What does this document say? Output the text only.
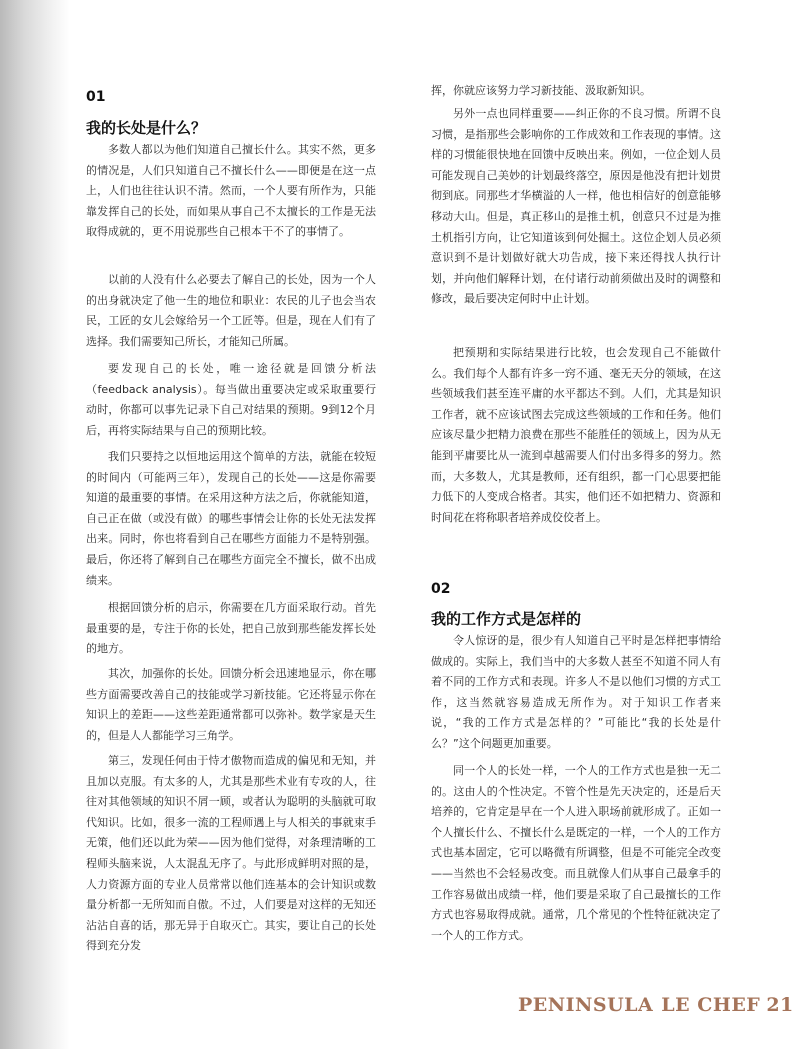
01
我的长处是什么？

多数人都以为他们知道自己擅长什么。其实不然，更多的情况是，人们只知道自己不擅长什么——即便是在这一点上，人们也往往认识不清。然而，一个人要有所作为，只能靠发挥自己的长处，而如果从事自己不太擅长的工作是无法取得成就的，更不用说那些自己根本干不了的事情了。

以前的人没有什么必要去了解自己的长处，因为一个人的出身就决定了他一生的地位和职业：农民的儿子也会当农民，工匠的女儿会嫁给另一个工匠等。但是，现在人们有了选择。我们需要知己所长，才能知己所属。

要发现自己的长处，唯一途径就是回馈分析法（feedback analysis）。每当做出重要决定或采取重要行动时，你都可以事先记录下自己对结果的预期。9到12个月后，再将实际结果与自己的预期比较。

我们只要持之以恒地运用这个简单的方法，就能在较短的时间内（可能两三年），发现自己的长处——这是你需要知道的最重要的事情。在采用这种方法之后，你就能知道，自己正在做（或没有做）的哪些事情会让你的长处无法发挥出来。同时，你也将看到自己在哪些方面能力不是特别强。最后，你还将了解到自己在哪些方面完全不擅长，做不出成绩来。

根据回馈分析的启示，你需要在几方面采取行动。首先最重要的是，专注于你的长处，把自己放到那些能发挥长处的地方。

其次，加强你的长处。回馈分析会迅速地显示，你在哪些方面需要改善自己的技能或学习新技能。它还将显示你在知识上的差距——这些差距通常都可以弥补。数学家是天生的，但是人人都能学习三角学。

第三，发现任何由于恃才傲物而造成的偏见和无知，并且加以克服。有太多的人，尤其是那些术业有专攻的人，往往对其他领域的知识不屑一顾，或者认为聪明的头脑就可取代知识。比如，很多一流的工程师遇上与人相关的事就束手无策，他们还以此为荣——因为他们觉得，对条理清晰的工程师头脑来说，人太混乱无序了。与此形成鲜明对照的是，人力资源方面的专业人员常常以他们连基本的会计知识或数量分析都一无所知而自傲。不过，人们要是对这样的无知还沾沾自喜的话，那无异于自取灭亡。其实，要让自己的长处得到充分发

挥，你就应该努力学习新技能、汲取新知识。

另外一点也同样重要——纠正你的不良习惯。所谓不良习惯，是指那些会影响你的工作成效和工作表现的事情。这样的习惯能很快地在回馈中反映出来。例如，一位企划人员可能发现自己美妙的计划最终落空，原因是他没有把计划贯彻到底。同那些才华横溢的人一样，他也相信好的创意能够移动大山。但是，真正移山的是推土机，创意只不过是为推土机指引方向，让它知道该到何处掘土。这位企划人员必须意识到不是计划做好就大功告成，接下来还得找人执行计划，并向他们解释计划，在付诸行动前须做出及时的调整和修改，最后要决定何时中止计划。

把预期和实际结果进行比较，也会发现自己不能做什么。我们每个人都有许多一窍不通、毫无天分的领域，在这些领域我们甚至连平庸的水平都达不到。人们，尤其是知识工作者，就不应该试图去完成这些领域的工作和任务。他们应该尽量少把精力浪费在那些不能胜任的领域上，因为从无能到平庸要比从一流到卓越需要人们付出多得多的努力。然而，大多数人，尤其是教师，还有组织，都一门心思要把能力低下的人变成合格者。其实，他们还不如把精力、资源和时间花在将称职者培养成佼佼者上。

02
我的工作方式是怎样的

令人惊讶的是，很少有人知道自己平时是怎样把事情给做成的。实际上，我们当中的大多数人甚至不知道不同人有着不同的工作方式和表现。许多人不是以他们习惯的方式工作，这当然就容易造成无所作为。对于知识工作者来说，“我的工作方式是怎样的？”可能比“我的长处是什么？”这个问题更加重要。

同一个人的长处一样，一个人的工作方式也是独一无二的。这由人的个性决定。不管个性是先天决定的，还是后天培养的，它肯定是早在一个人进入职场前就形成了。正如一个人擅长什么、不擅长什么是既定的一样，一个人的工作方式也基本固定，它可以略微有所调整，但是不可能完全改变——当然也不会轻易改变。而且就像人们从事自己最拿手的工作容易做出成绩一样，他们要是采取了自己最擅长的工作方式也容易取得成就。通常，几个常见的个性特征就决定了一个人的工作方式。

PENINSULA LE CHEF 21
